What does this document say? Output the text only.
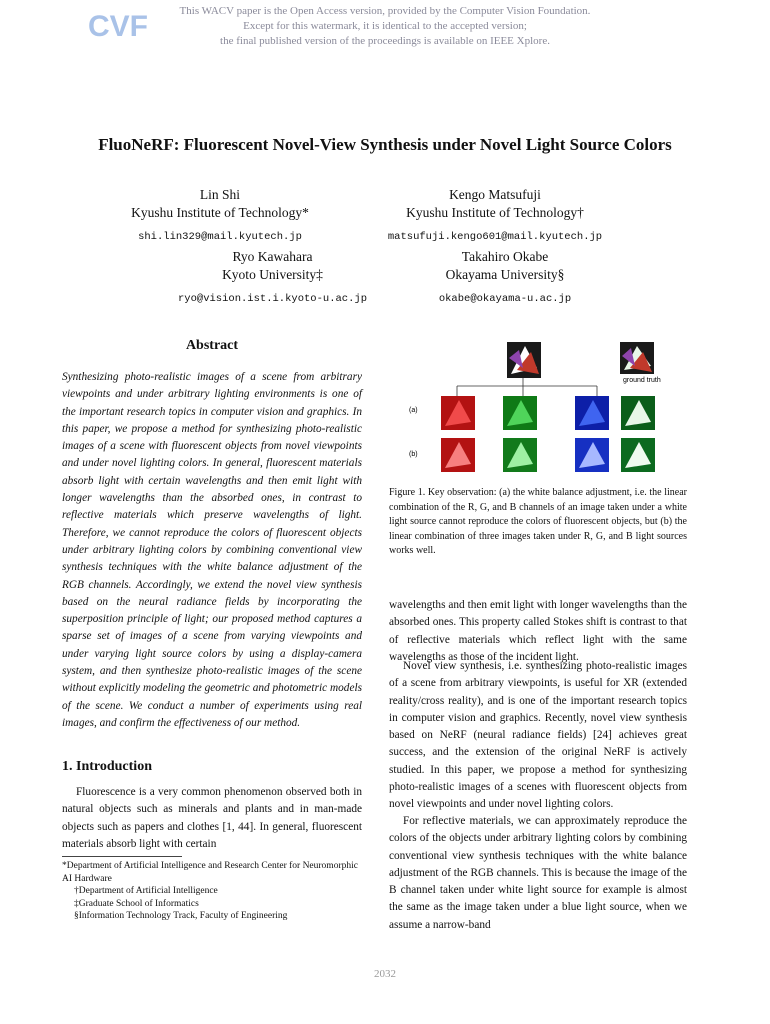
CVF	This WACV paper is the Open Access version, provided by the Computer Vision Foundation.
Except for this watermark, it is identical to the accepted version;
the final published version of the proceedings is available on IEEE Xplore.
FluoNeRF: Fluorescent Novel-View Synthesis under Novel Light Source Colors
Lin Shi
Kyushu Institute of Technology*
shi.lin329@mail.kyutech.jp
Kengo Matsufuji
Kyushu Institute of Technology†
matsufuji.kengo601@mail.kyutech.jp
Ryo Kawahara
Kyoto University‡
ryo@vision.ist.i.kyoto-u.ac.jp
Takahiro Okabe
Okayama University§
okabe@okayama-u.ac.jp
Abstract
Synthesizing photo-realistic images of a scene from arbitrary viewpoints and under arbitrary lighting environments is one of the important research topics in computer vision and graphics. In this paper, we propose a method for synthesizing photo-realistic images of a scene with fluorescent objects from novel viewpoints and under novel lighting colors. In general, fluorescent materials absorb light with certain wavelengths and then emit light with longer wavelengths than the absorbed ones, in contrast to reflective materials which preserve wavelengths of light. Therefore, we cannot reproduce the colors of fluorescent objects under arbitrary lighting colors by combining conventional view synthesis techniques with the white balance adjustment of the RGB channels. Accordingly, we extend the novel view synthesis based on the neural radiance fields by incorporating the superposition principle of light; our proposed method captures a sparse set of images of a scene from varying viewpoints and under varying light source colors by using a display-camera system, and then synthesize photo-realistic images of the scene without explicitly modeling the geometric and photometric models of the scene. We conduct a number of experiments using real images, and confirm the effectiveness of our method.
1. Introduction
Fluorescence is a very common phenomenon observed both in natural objects such as minerals and plants and in man-made objects such as papers and clothes [1, 44]. In general, fluorescent materials absorb light with certain
*Department of Artificial Intelligence and Research Center for Neuromorphic AI Hardware
†Department of Artificial Intelligence
‡Graduate School of Informatics
§Information Technology Track, Faculty of Engineering
ground truth
(a)
(b)
Figure 1. Key observation: (a) the white balance adjustment, i.e. the linear combination of the R, G, and B channels of an image taken under a white light source cannot reproduce the colors of fluorescent objects, but (b) the linear combination of three images taken under R, G, and B light sources works well.
wavelengths and then emit light with longer wavelengths than the absorbed ones. This property called Stokes shift is contrast to that of reflective materials which reflect light with the same wavelengths as those of the incident light.
Novel view synthesis, i.e. synthesizing photo-realistic images of a scene from arbitrary viewpoints, is useful for XR (extended reality/cross reality), and is one of the important research topics in computer vision and graphics. Recently, novel view synthesis based on NeRF (neural radiance fields) [24] achieves great success, and the extension of the original NeRF is actively studied. In this paper, we propose a method for synthesizing photo-realistic images of a scenes with fluorescent objects from novel viewpoints and under novel lighting colors.
For reflective materials, we can approximately reproduce the colors of the objects under arbitrary lighting colors by combining conventional view synthesis techniques with the white balance adjustment of the RGB channels. This is because the image of the B channel taken under white light source for example is almost the same as the image taken under a blue light source, when we assume a narrow-band
2032
